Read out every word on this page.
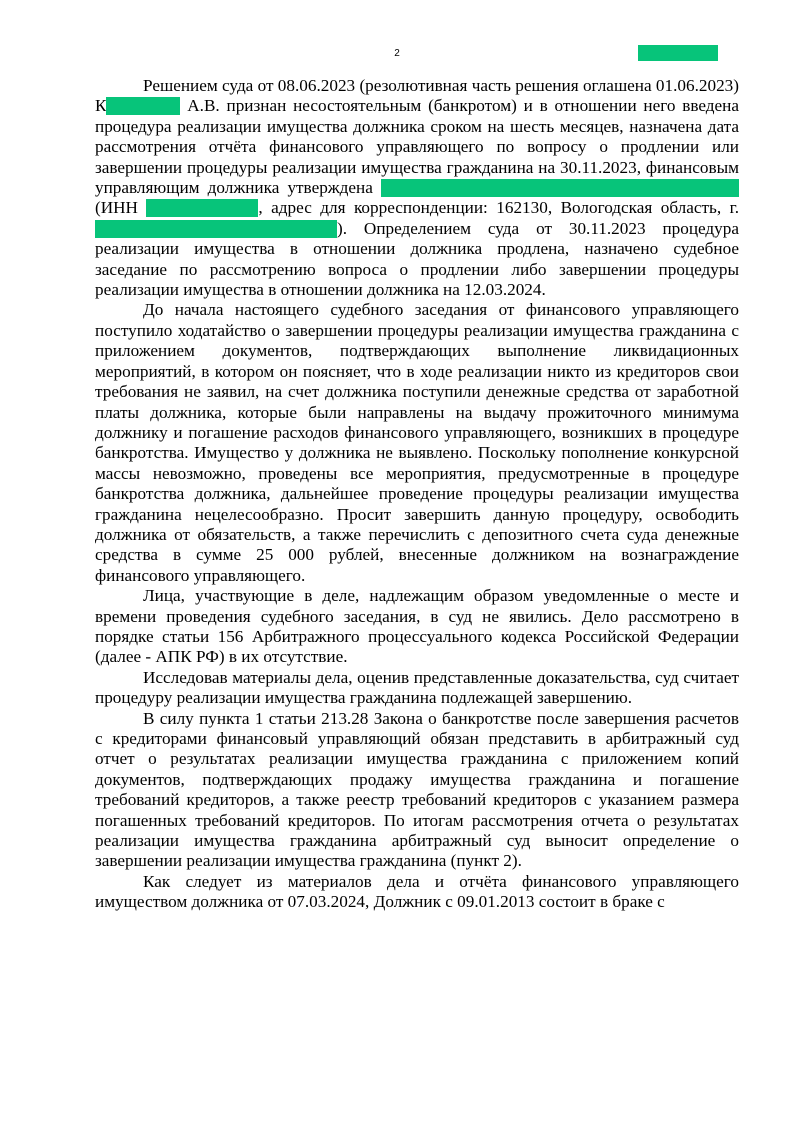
2

Решением суда от 08.06.2023 (резолютивная часть решения оглашена 01.06.2023) К	А.В. признан несостоятельным (банкротом) и в отношении него введена процедура реализации имущества должника сроком на шесть месяцев, назначена дата рассмотрения отчёта финансового управляющего по вопросу о продлении или завершении процедуры реализации имущества гражданина на 30.11.2023, финансовым управляющим должника утверждена  (ИНН	, адрес для корреспонденции: 162130, Вологодская область, г. ). Определением суда от 30.11.2023 процедура реализации имущества в отношении должника продлена, назначено судебное заседание по рассмотрению вопроса о продлении либо завершении процедуры реализации имущества в отношении должника на 12.03.2024.

До начала настоящего судебного заседания от финансового управляющего поступило ходатайство о завершении процедуры реализации имущества гражданина с приложением документов, подтверждающих выполнение ликвидационных мероприятий, в котором он поясняет, что в ходе реализации никто из кредиторов свои требования не заявил, на счет должника поступили денежные средства от заработной платы должника, которые были направлены на выдачу прожиточного минимума должнику и погашение расходов финансового управляющего, возникших в процедуре банкротства. Имущество у должника не выявлено. Поскольку пополнение конкурсной массы невозможно, проведены все мероприятия, предусмотренные в процедуре банкротства должника, дальнейшее проведение процедуры реализации имущества гражданина нецелесообразно. Просит завершить данную процедуру, освободить должника от обязательств, а также перечислить с депозитного счета суда денежные средства в сумме 25 000 рублей, внесенные должником на вознаграждение финансового управляющего.

Лица, участвующие в деле, надлежащим образом уведомленные о месте и времени проведения судебного заседания, в суд не явились. Дело рассмотрено в порядке статьи 156 Арбитражного процессуального кодекса Российской Федерации (далее - АПК РФ) в их отсутствие.

Исследовав материалы дела, оценив представленные доказательства, суд считает процедуру реализации имущества гражданина подлежащей завершению.

В силу пункта 1 статьи 213.28 Закона о банкротстве после завершения расчетов с кредиторами финансовый управляющий обязан представить в арбитражный суд отчет о результатах реализации имущества гражданина с приложением копий документов, подтверждающих продажу имущества гражданина и погашение требований кредиторов, а также реестр требований кредиторов с указанием размера погашенных требований кредиторов. По итогам рассмотрения отчета о результатах реализации имущества гражданина арбитражный суд выносит определение о завершении реализации имущества гражданина (пункт 2).

Как следует из материалов дела и отчёта финансового управляющего имуществом должника от 07.03.2024, Должник с 09.01.2013 состоит в браке с
